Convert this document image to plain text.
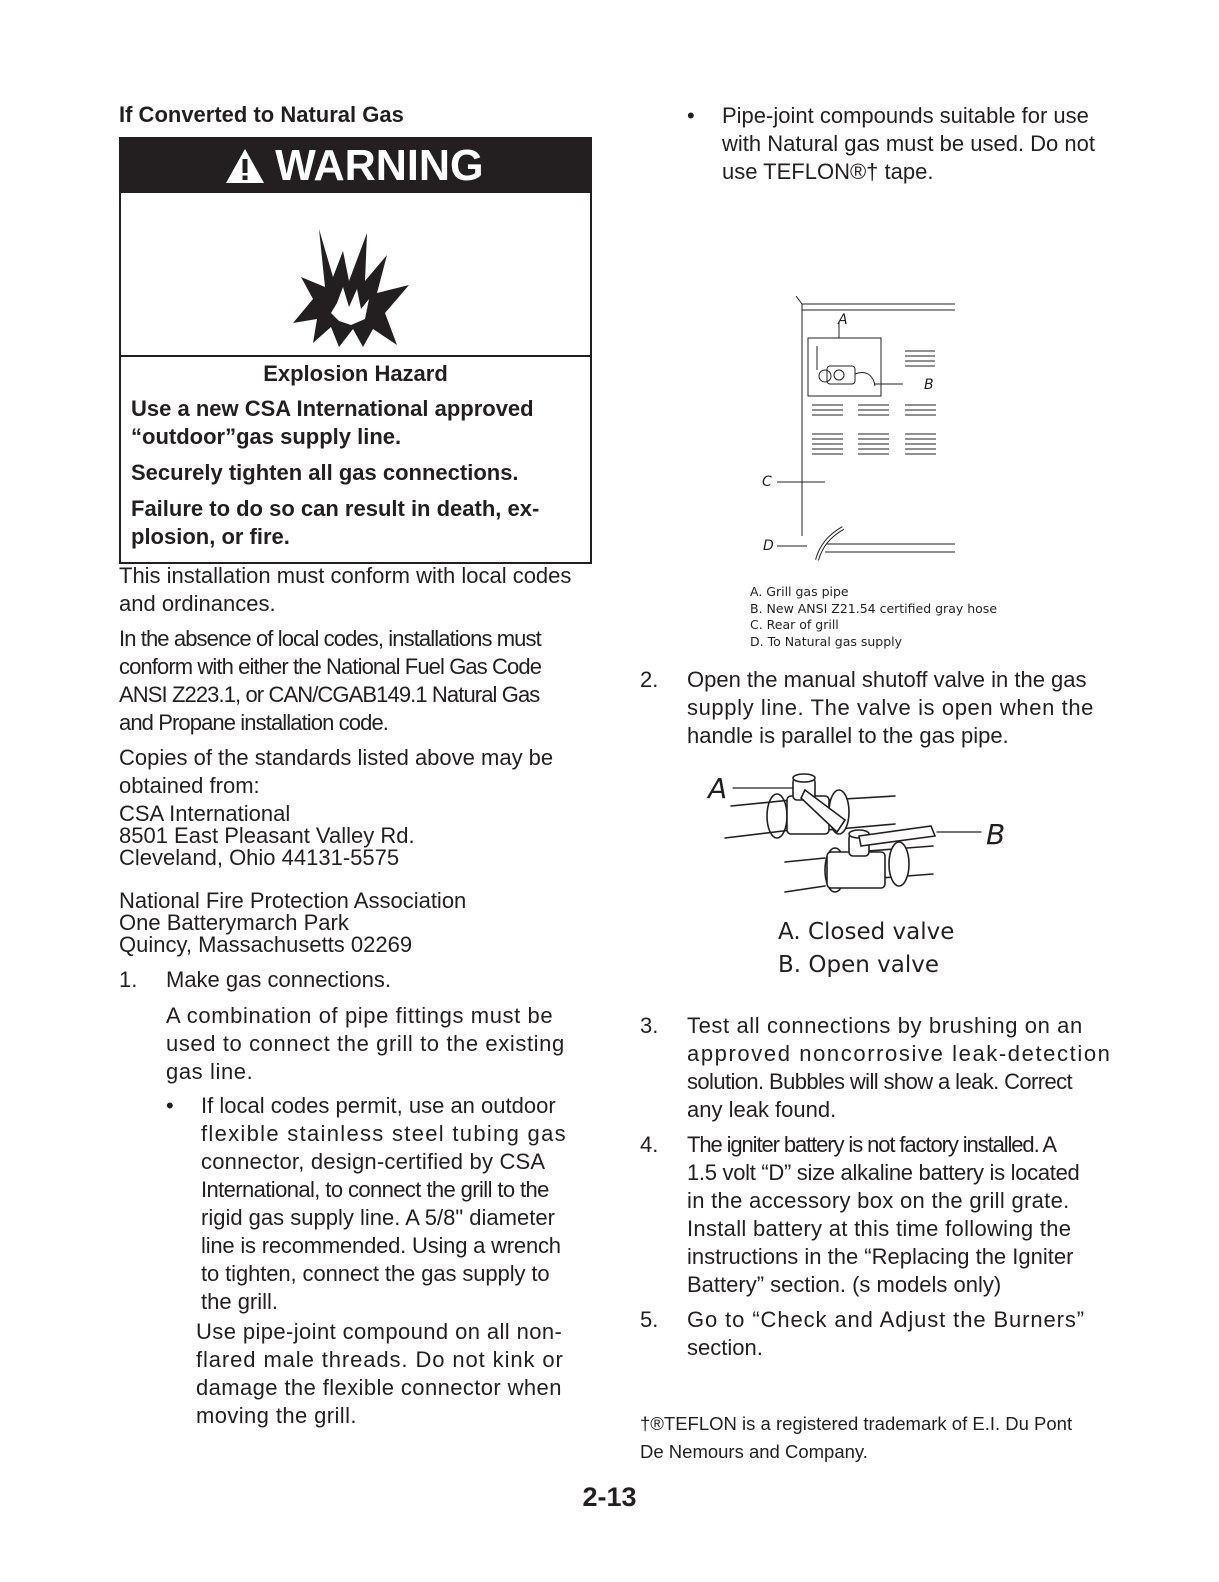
If Converted to Natural Gas
WARNING
Explosion Hazard
Use a new CSA International approved
“outdoor”gas supply line.
Securely tighten all gas connections.
Failure to do so can result in death, ex-
plosion, or fire.
This installation must conform with local codes
and ordinances.
In the absence of local codes, installations must
conform with either the National Fuel Gas Code
ANSI Z223.1, or CAN/CGAB149.1 Natural Gas
and Propane installation code.
Copies of the standards listed above may be
obtained from:
CSA International
8501 East Pleasant Valley Rd.
Cleveland, Ohio 44131-5575
National Fire Protection Association
One Batterymarch Park
Quincy, Massachusetts 02269
1. Make gas connections.
A combination of pipe fittings must be
used to connect the grill to the existing
gas line.
• If local codes permit, use an outdoor
flexible stainless steel tubing gas
connector, design-certified by CSA
International, to connect the grill to the
rigid gas supply line. A 5/8" diameter
line is recommended. Using a wrench
to tighten, connect the gas supply to
the grill.
Use pipe-joint compound on all non-
flared male threads. Do not kink or
damage the flexible connector when
moving the grill.
• Pipe-joint compounds suitable for use
with Natural gas must be used. Do not
use TEFLON®† tape.
A
B
C
D
A. Grill gas pipe
B. New ANSI Z21.54 certified gray hose
C. Rear of grill
D. To Natural gas supply
2. Open the manual shutoff valve in the gas
supply line. The valve is open when the
handle is parallel to the gas pipe.
A
B
A. Closed valve
B. Open valve
3. Test all connections by brushing on an
approved noncorrosive leak-detection
solution. Bubbles will show a leak. Correct
any leak found.
4. The igniter battery is not factory installed. A
1.5 volt “D” size alkaline battery is located
in the accessory box on the grill grate.
Install battery at this time following the
instructions in the “Replacing the Igniter
Battery” section. (s models only)
5. Go to “Check and Adjust the Burners”
section.
†®TEFLON is a registered trademark of E.I. Du Pont
De Nemours and Company.
2-13
